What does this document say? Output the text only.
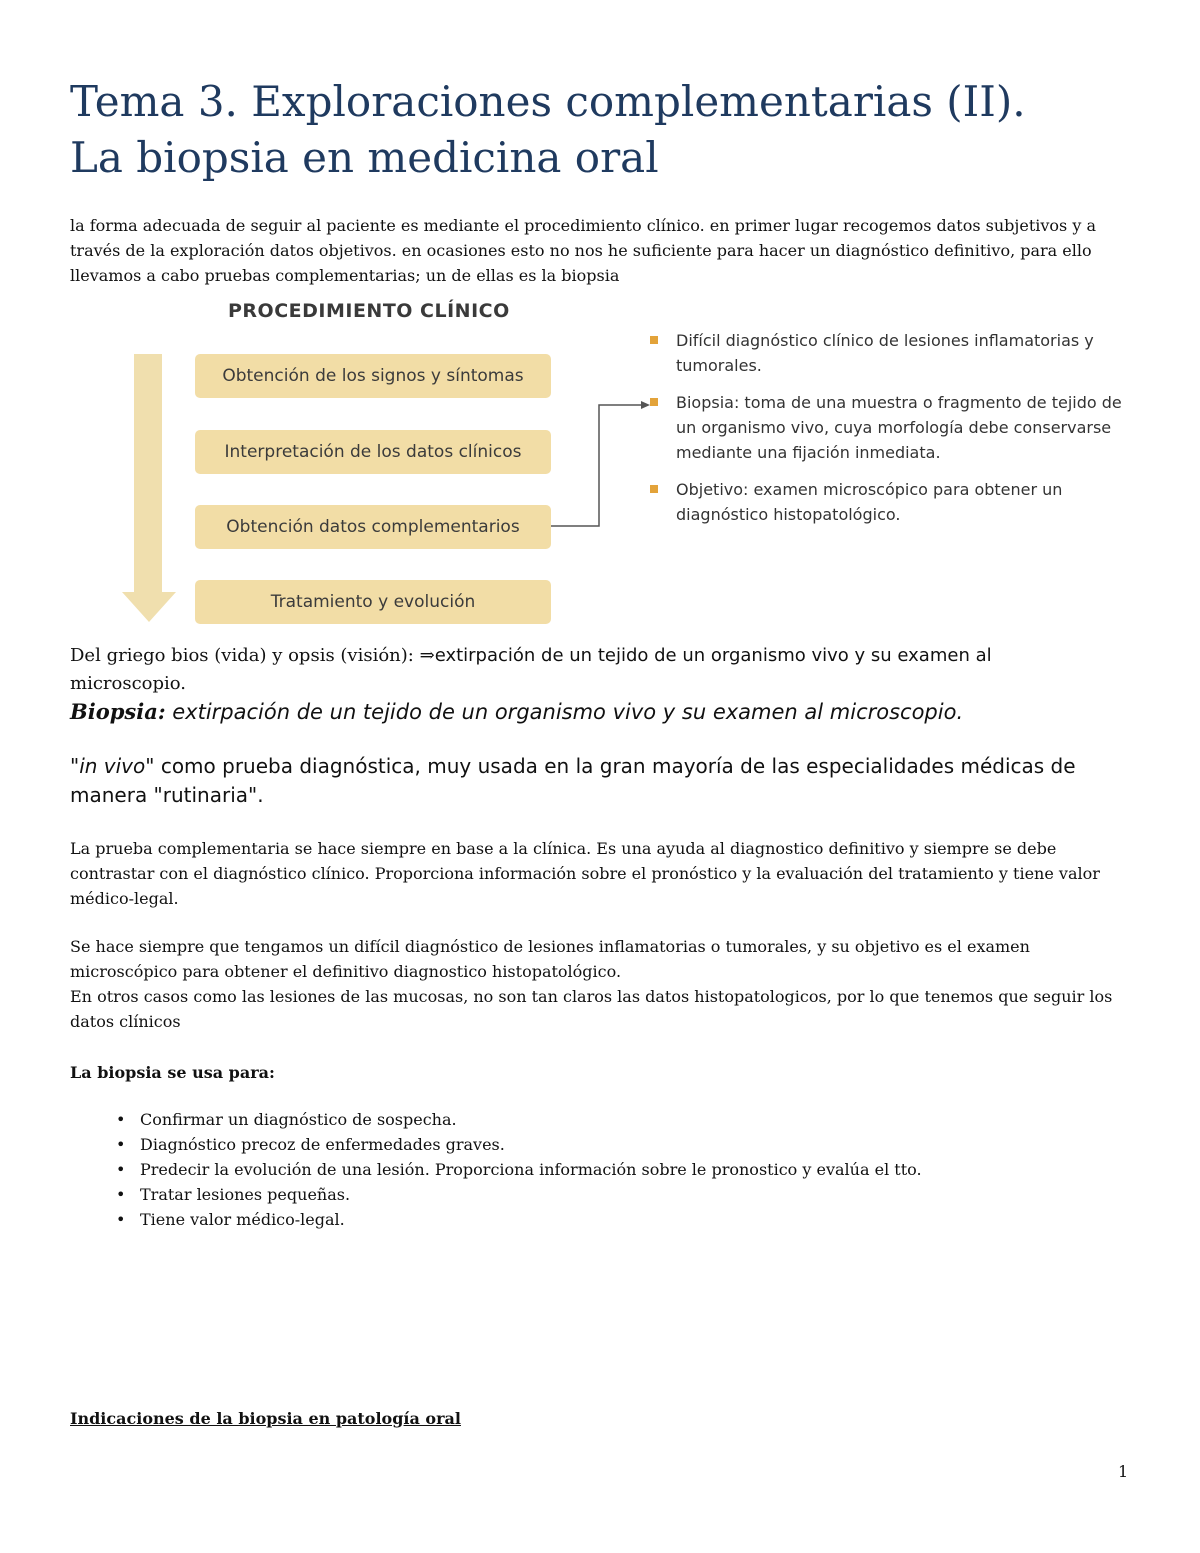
Tema 3. Exploraciones complementarias (II).
La biopsia en medicina oral

la forma adecuada de seguir al paciente es mediante el procedimiento clínico. en primer lugar recogemos datos subjetivos y a través de la exploración datos objetivos. en ocasiones esto no nos he suficiente para hacer un diagnóstico definitivo, para ello llevamos a cabo pruebas complementarias; un de ellas es la biopsia

PROCEDIMIENTO CLÍNICO
Obtención de los signos y síntomas
Interpretación de los datos clínicos
Obtención datos complementarios
Tratamiento y evolución
Difícil diagnóstico clínico de lesiones inflamatorias y tumorales.
Biopsia: toma de una muestra o fragmento de tejido de un organismo vivo, cuya morfología debe conservarse mediante una fijación inmediata.
Objetivo: examen microscópico para obtener un diagnóstico histopatológico.

Del griego bios (vida) y opsis (visión): ⇒extirpación de un tejido de un organismo vivo y su examen al
microscopio.

Biopsia: extirpación de un tejido de un organismo vivo y su examen al microscopio.

"in vivo" como prueba diagnóstica, muy usada en la gran mayoría de las especialidades médicas de manera "rutinaria".

La prueba complementaria se hace siempre en base a la clínica. Es una ayuda al diagnostico definitivo y siempre se debe contrastar con el diagnóstico clínico. Proporciona información sobre el pronóstico y la evaluación del tratamiento y tiene valor médico-legal.

Se hace siempre que tengamos un difícil diagnóstico de lesiones inflamatorias o tumorales, y su objetivo es el examen microscópico para obtener el definitivo diagnostico histopatológico.

En otros casos como las lesiones de las mucosas, no son tan claros las datos histopatologicos, por lo que tenemos que seguir los datos clínicos

La biopsia se usa para:

• Confirmar un diagnóstico de sospecha.
• Diagnóstico precoz de enfermedades graves.
• Predecir la evolución de una lesión. Proporciona información sobre le pronostico y evalúa el tto.
• Tratar lesiones pequeñas.
• Tiene valor médico-legal.

Indicaciones de la biopsia en patología oral

1
